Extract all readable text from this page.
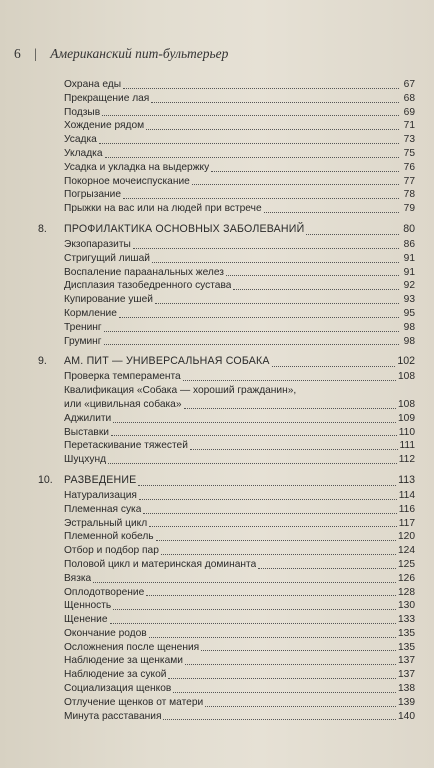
6 | Американский пит-бультерьер
Охрана еды	67
Прекращение лая	68
Подзыв	69
Хождение рядом	71
Усадка	73
Укладка	75
Усадка и укладка на выдержку	76
Покорное мочеиспускание	77
Погрызание	78
Прыжки на вас или на людей при встрече	79
8.	ПРОФИЛАКТИКА ОСНОВНЫХ ЗАБОЛЕВАНИЙ	80
Экзопаразиты	86
Стригущий лишай	91
Воспаление параанальных желез	91
Дисплазия тазобедренного сустава	92
Купирование ушей	93
Кормление	95
Тренинг	98
Груминг	98
9.	АМ. ПИТ — УНИВЕРСАЛЬНАЯ СОБАКА	102
Проверка темперамента	108
Квалификация «Собака — хороший гражданин»,
или «цивильная собака»	108
Аджилити	109
Выставки	110
Перетаскивание тяжестей	111
Шуцхунд	112
10.	РАЗВЕДЕНИЕ	113
Натурализация	114
Племенная сука	116
Эстральный цикл	117
Племенной кобель	120
Отбор и подбор пар	124
Половой цикл и материнская доминанта	125
Вязка	126
Оплодотворение	128
Щенность	130
Щенение	133
Окончание родов	135
Осложнения после щенения	135
Наблюдение за щенками	137
Наблюдение за сукой	137
Социализация щенков	138
Отлучение щенков от матери	139
Минута расставания	140
